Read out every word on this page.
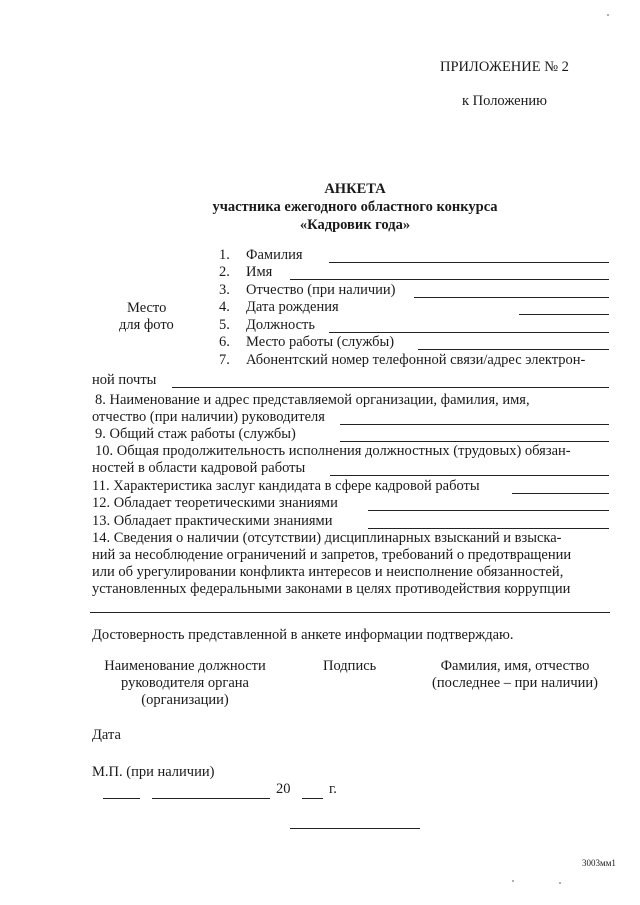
ПРИЛОЖЕНИЕ № 2
к Положению
АНКЕТА
участника ежегодного областного конкурса
«Кадровик года»
Место
для фото
1. Фамилия
2. Имя
3. Отчество (при наличии)
4. Дата рождения
5. Должность
6. Место работы (службы)
7. Абонентский номер телефонной связи/адрес электрон-
ной почты
8. Наименование и адрес представляемой организации, фамилия, имя,
отчество (при наличии) руководителя
9. Общий стаж работы (службы)
10. Общая продолжительность исполнения должностных (трудовых) обязан-
ностей в области кадровой работы
11. Характеристика заслуг кандидата в сфере кадровой работы
12. Обладает теоретическими знаниями
13. Обладает практическими знаниями
14. Сведения о наличии (отсутствии) дисциплинарных взысканий и взыска-
ний за несоблюдение ограничений и запретов, требований о предотвращении
или об урегулировании конфликта интересов и неисполнение обязанностей,
установленных федеральными законами в целях противодействия коррупции
Достоверность представленной в анкете информации подтверждаю.
Наименование должности
руководителя органа
(организации)
Подпись	Фамилия, имя, отчество
(последнее – при наличии)
Дата
М.П. (при наличии)
20	г.
3003мм1
